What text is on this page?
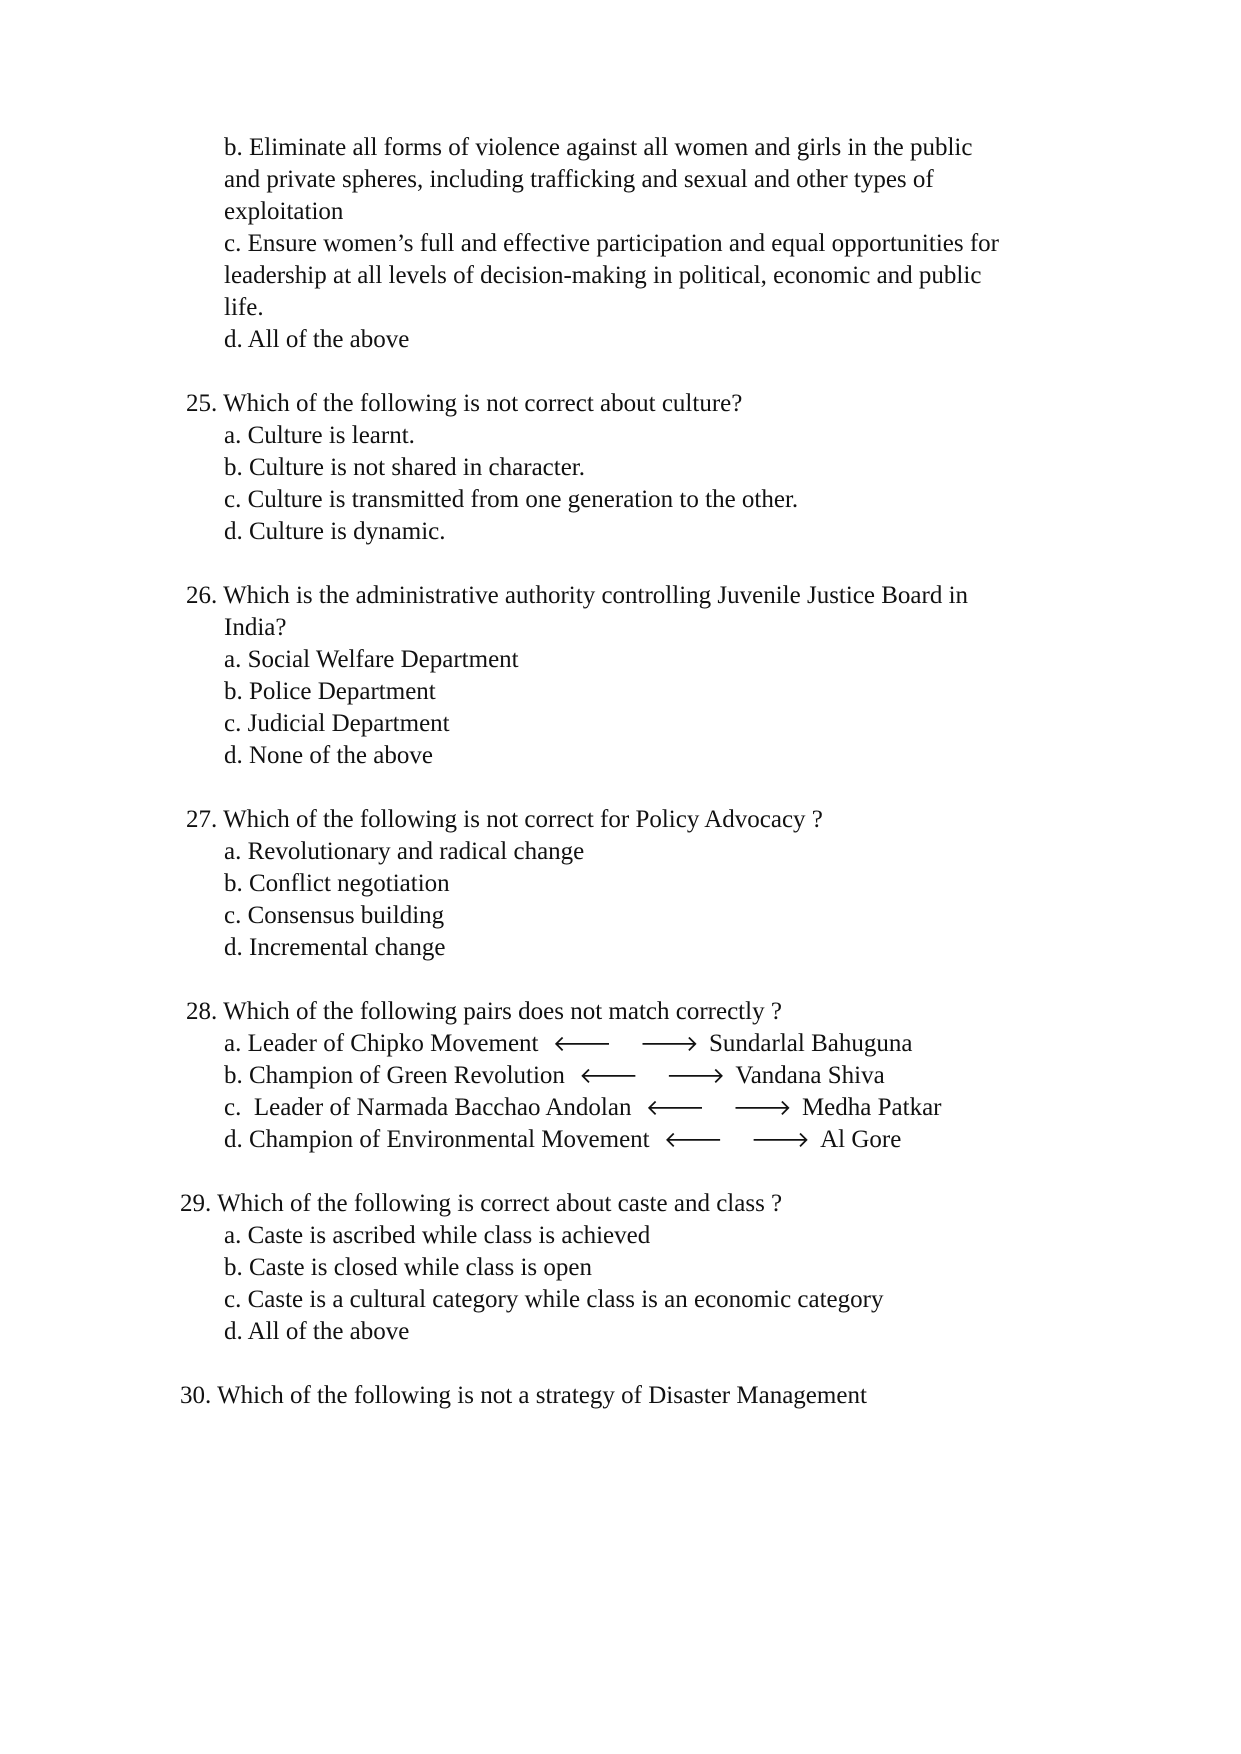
b. Eliminate all forms of violence against all women and girls in the public
and private spheres, including trafficking and sexual and other types of
exploitation
c. Ensure women’s full and effective participation and equal opportunities for
leadership at all levels of decision-making in political, economic and public
life.
d. All of the above
25. Which of the following is not correct about culture?
a. Culture is learnt.
b. Culture is not shared in character.
c. Culture is transmitted from one generation to the other.
d. Culture is dynamic.
26. Which is the administrative authority controlling Juvenile Justice Board in
India?
a. Social Welfare Department
b. Police Department
c. Judicial Department
d. None of the above
27. Which of the following is not correct for Policy Advocacy ?
a. Revolutionary and radical change
b. Conflict negotiation
c. Consensus building
d. Incremental change
28. Which of the following pairs does not match correctly ?
a. Leader of Chipko Movement 🡐 🡒 Sundarlal Bahuguna
b. Champion of Green Revolution 🡐 🡒 Vandana Shiva
c.  Leader of Narmada Bacchao Andolan 🡐 🡒 Medha Patkar
d. Champion of Environmental Movement 🡐 🡒 Al Gore
29. Which of the following is correct about caste and class ?
a. Caste is ascribed while class is achieved
b. Caste is closed while class is open
c. Caste is a cultural category while class is an economic category
d. All of the above
30. Which of the following is not a strategy of Disaster Management
